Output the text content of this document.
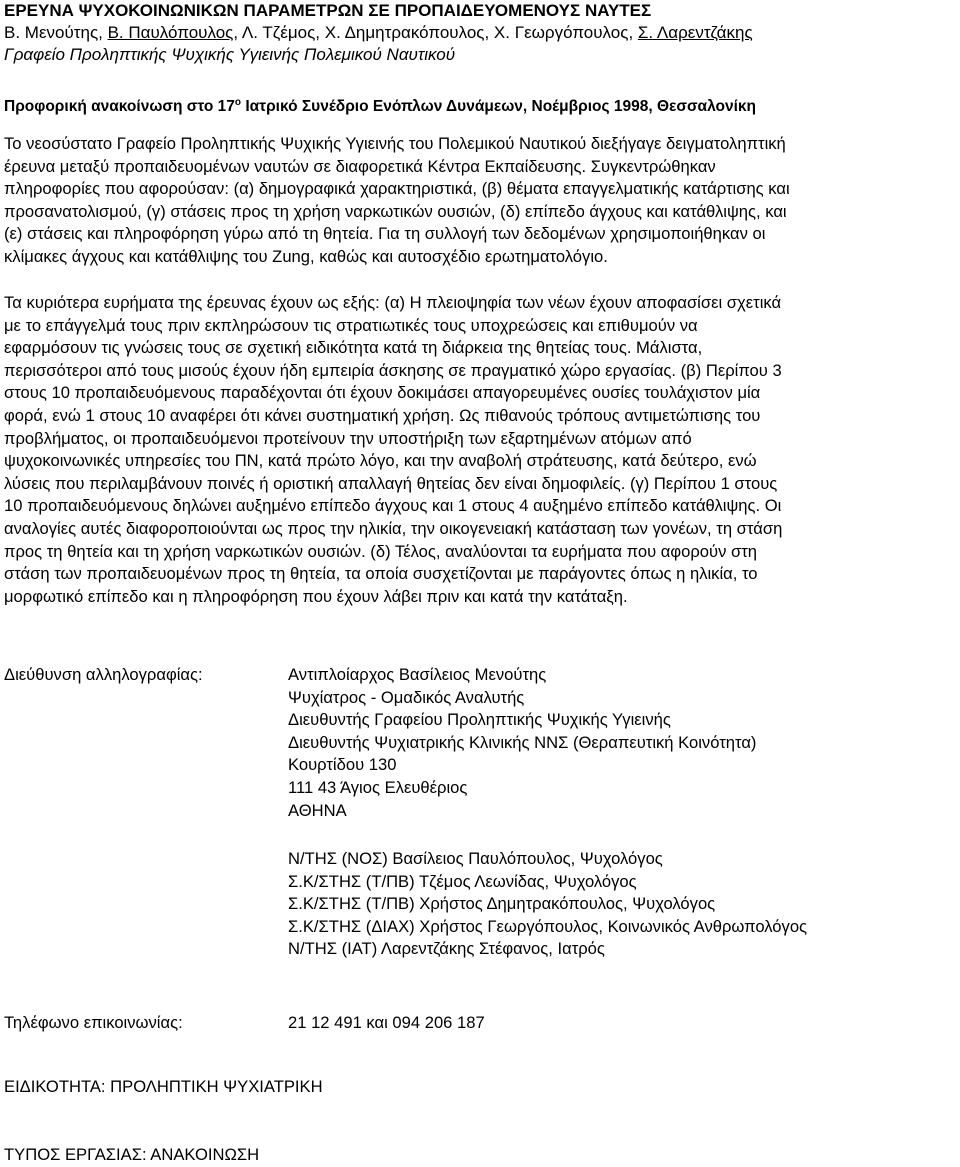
ΕΡΕΥΝΑ ΨΥΧΟΚΟΙΝΩΝΙΚΩΝ ΠΑΡΑΜΕΤΡΩΝ ΣΕ ΠΡΟΠΑΙΔΕΥΟΜΕΝΟΥΣ ΝΑΥΤΕΣ
Β. Μενούτης, Β. Παυλόπουλος, Λ. Τζέμος, Χ. Δημητρακόπουλος, Χ. Γεωργόπουλος, Σ. Λαρεντζάκης
Γραφείο Προληπτικής Ψυχικής Υγιεινής Πολεμικού Ναυτικού
Προφορική ανακοίνωση στο $17^o$ Ιατρικό Συνέδριο Ενόπλων Δυνάμεων, Νοέμβριος 1998, Θεσσαλονίκη
Το νεοσύστατο Γραφείο Προληπτικής Ψυχικής Υγιεινής του Πολεμικού Ναυτικού διεξήγαγε δειγματοληπτική
έρευνα μεταξύ προπαιδευομένων ναυτών σε διαφορετικά Κέντρα Εκπαίδευσης. Συγκεντρώθηκαν
πληροφορίες που αφορούσαν: (α) δημογραφικά χαρακτηριστικά, (β) θέματα επαγγελματικής κατάρτισης και
προσανατολισμού, (γ) στάσεις προς τη χρήση ναρκωτικών ουσιών, (δ) επίπεδο άγχους και κατάθλιψης, και
(ε) στάσεις και πληροφόρηση γύρω από τη θητεία. Για τη συλλογή των δεδομένων χρησιμοποιήθηκαν οι
κλίμακες άγχους και κατάθλιψης του Zung, καθώς και αυτοσχέδιο ερωτηματολόγιο.
Τα κυριότερα ευρήματα της έρευνας έχουν ως εξής: (α) Η πλειοψηφία των νέων έχουν αποφασίσει σχετικά
με το επάγγελμά τους πριν εκπληρώσουν τις στρατιωτικές τους υποχρεώσεις και επιθυμούν να
εφαρμόσουν τις γνώσεις τους σε σχετική ειδικότητα κατά τη διάρκεια της θητείας τους. Μάλιστα,
περισσότεροι από τους μισούς έχουν ήδη εμπειρία άσκησης σε πραγματικό χώρο εργασίας. (β) Περίπου 3
στους 10 προπαιδευόμενους παραδέχονται ότι έχουν δοκιμάσει απαγορευμένες ουσίες τουλάχιστον μία
φορά, ενώ 1 στους 10 αναφέρει ότι κάνει συστηματική χρήση. Ως πιθανούς τρόπους αντιμετώπισης του
προβλήματος, οι προπαιδευόμενοι προτείνουν την υποστήριξη των εξαρτημένων ατόμων από
ψυχοκοινωνικές υπηρεσίες του ΠΝ, κατά πρώτο λόγο, και την αναβολή στράτευσης, κατά δεύτερο, ενώ
λύσεις που περιλαμβάνουν ποινές ή οριστική απαλλαγή θητείας δεν είναι δημοφιλείς. (γ) Περίπου 1 στους
10 προπαιδευόμενους δηλώνει αυξημένο επίπεδο άγχους και 1 στους 4 αυξημένο επίπεδο κατάθλιψης. Οι
αναλογίες αυτές διαφοροποιούνται ως προς την ηλικία, την οικογενειακή κατάσταση των γονέων, τη στάση
προς τη θητεία και τη χρήση ναρκωτικών ουσιών. (δ) Τέλος, αναλύονται τα ευρήματα που αφορούν στη
στάση των προπαιδευομένων προς τη θητεία, τα οποία συσχετίζονται με παράγοντες όπως η ηλικία, το
μορφωτικό επίπεδο και η πληροφόρηση που έχουν λάβει πριν και κατά την κατάταξη.
Διεύθυνση αλληλογραφίας:	Αντιπλοίαρχος Βασίλειος Μενούτης
Ψυχίατρος - Ομαδικός Αναλυτής
Διευθυντής Γραφείου Προληπτικής Ψυχικής Υγιεινής
Διευθυντής Ψυχιατρικής Κλινικής ΝΝΣ (Θεραπευτική Κοινότητα)
Κουρτίδου 130
111 43 Άγιος Ελευθέριος
ΑΘΗΝΑ
Ν/ΤΗΣ (ΝΟΣ) Βασίλειος Παυλόπουλος, Ψυχολόγος
Σ.Κ/ΣΤΗΣ (Τ/ΠΒ) Τζέμος Λεωνίδας, Ψυχολόγος
Σ.Κ/ΣΤΗΣ (Τ/ΠΒ) Χρήστος Δημητρακόπουλος, Ψυχολόγος
Σ.Κ/ΣΤΗΣ (ΔΙΑΧ) Χρήστος Γεωργόπουλος, Κοινωνικός Ανθρωπολόγος
Ν/ΤΗΣ (ΙΑΤ) Λαρεντζάκης Στέφανος, Ιατρός
Τηλέφωνο επικοινωνίας:	21 12 491 και 094 206 187
ΕΙΔΙΚΟΤΗΤΑ: ΠΡΟΛΗΠΤΙΚΗ ΨΥΧΙΑΤΡΙΚΗ
ΤΥΠΟΣ ΕΡΓΑΣΙΑΣ: ΑΝΑΚΟΙΝΩΣΗ
